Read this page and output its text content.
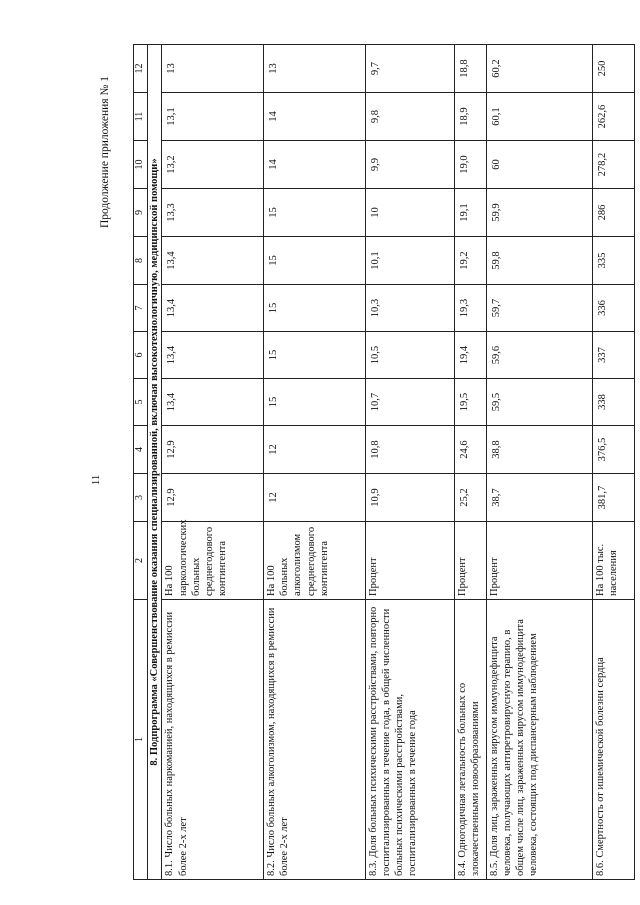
11
Продолжение приложения № 1
1	2	3	4	5	6	7	8	9	10	11	12
8. Подпрограмма «Совершенствование оказания специализированной, включая высокотехнологичную, медицинской помощи»											
8.1. Число больных наркоманией, находящихся в ремиссии более 2-х лет	На 100 наркологических больных среднегодового контингента	12,9	12,9	13,4	13,4	13,4	13,4	13,3	13,2	13,1	13
8.2. Число больных алкоголизмом, находящихся в ремиссии более 2-х лет	На 100 больных алкоголизмом среднегодового контингента	12	12	15	15	15	15	15	14	14	13
8.3. Доля больных психическими расстройствами, повторно госпитализированных в течение года, в общей численности больных психическими расстройствами, госпитализированных в течение года	Процент	10,9	10,8	10,7	10,5	10,3	10,1	10	9,9	9,8	9,7
8.4. Одногодичная летальность больных со злокачественными новообразованиями	Процент	25,2	24,6	19,5	19,4	19,3	19,2	19,1	19,0	18,9	18,8
8.5. Доля лиц, зараженных вирусом иммунодефицита человека, получающих антиретровирусную терапию, в общем числе лиц, зараженных вирусом иммунодефицита человека, состоящих под диспансерным наблюдением	Процент	38,7	38,8	59,5	59,6	59,7	59,8	59,9	60	60,1	60,2
8.6. Смертность от ишемической болезни сердца	На 100 тыс. населения	381,7	376,5	338	337	336	335	286	278,2	262,6	250
